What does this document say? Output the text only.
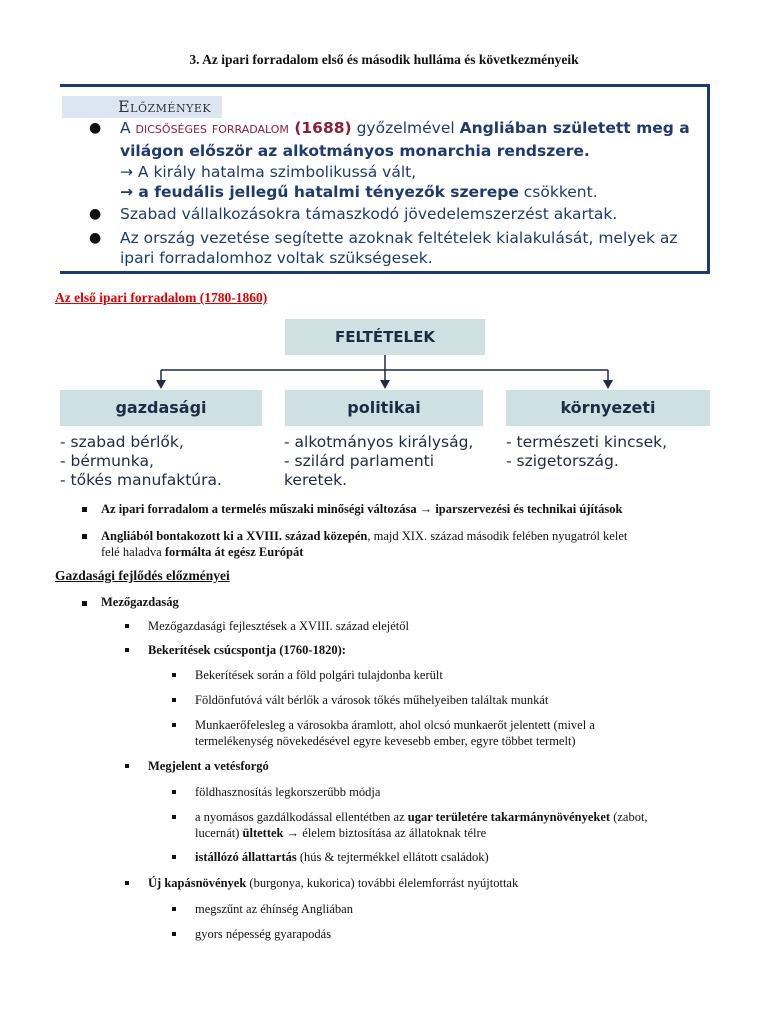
3. Az ipari forradalom első és második hulláma és következményeik
Előzmények
● A dicsőséges forradalom (1688) győzelmével Angliában született meg a
világon először az alkotmányos monarchia rendszere.
→ A király hatalma szimbolikussá vált,
→ a feudális jellegű hatalmi tényezők szerepe csökkent.
● Szabad vállalkozásokra támaszkodó jövedelemszerzést akartak.
● Az ország vezetése segítette azoknak feltételek kialakulását, melyek az
ipari forradalomhoz voltak szükségesek.
Az első ipari forradalom (1780-1860)
FELTÉTELEK
gazdasági	politikai	környezeti
- szabad bérlők,
- bérmunka,
- tőkés manufaktúra.
- alkotmányos királyság,
- szilárd parlamenti
keretek.
- természeti kincsek,
- szigetország.
Az ipari forradalom a termelés műszaki minőségi változása → iparszervezési és technikai újítások
Angliából bontakozott ki a XVIII. század közepén, majd XIX. század második felében nyugatról kelet
felé haladva formálta át egész Európát
Gazdasági fejlődés előzményei
Mezőgazdaság
Mezőgazdasági fejlesztések a XVIII. század elejétől
Bekerítések csúcspontja (1760-1820):
Bekerítések során a föld polgári tulajdonba került
Földönfutóvá vált bérlők a városok tőkés műhelyeiben találtak munkát
Munkaerőfelesleg a városokba áramlott, ahol olcsó munkaerőt jelentett (mivel a
termelékenység növekedésével egyre kevesebb ember, egyre többet termelt)
Megjelent a vetésforgó
földhasznosítás legkorszerűbb módja
a nyomásos gazdálkodással ellentétben az ugar területére takarmánynövényeket (zabot,
lucernát) ültettek → élelem biztosítása az állatoknak télre
istállózó állattartás (hús & tejtermékkel ellátott családok)
Új kapásnövények (burgonya, kukorica) további élelemforrást nyújtottak
megszűnt az éhínség Angliában
gyors népesség gyarapodás
